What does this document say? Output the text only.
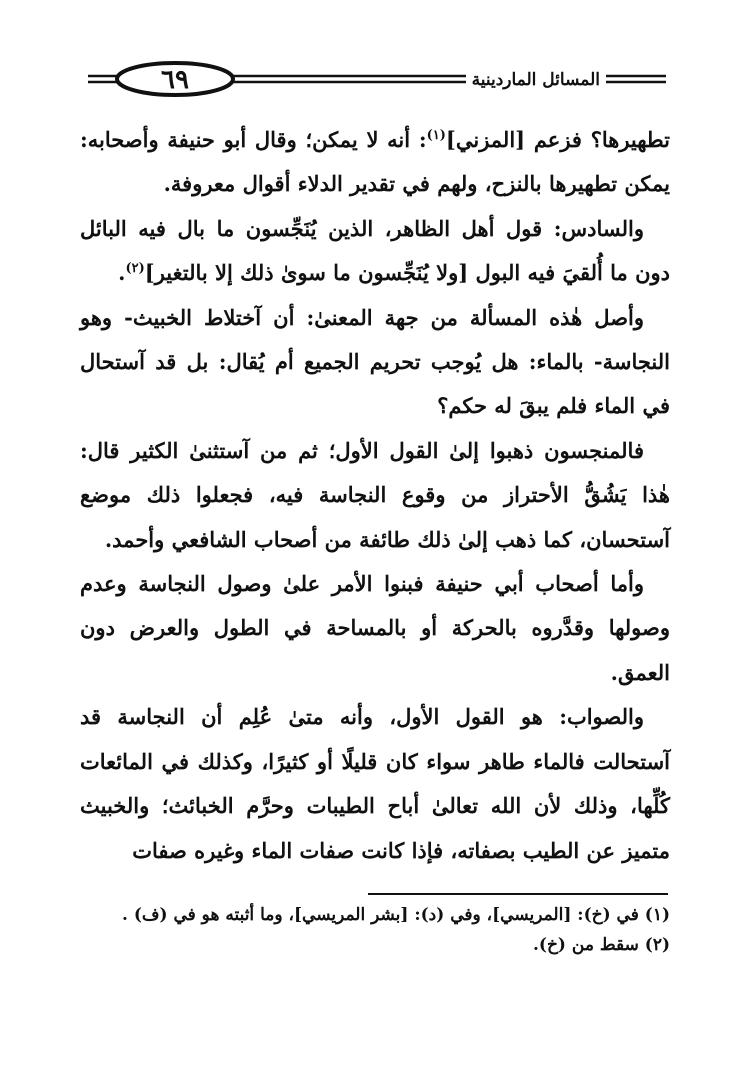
٦٩	المسائل الماردينية

تطهيرها؟ فزعم [المزني]$^{(١)}$: أنه لا يمكن؛ وقال أبو حنيفة وأصحابه: يمكن تطهيرها بالنزح، ولهم في تقدير الدلاء أقوال معروفة.

والسادس: قول أهل الظاهر، الذين يُنَجِّسون ما بال فيه البائل دون ما أُلقيَ فيه البول [ولا يُنَجِّسون ما سوىٰ ذلك إلا بالتغير]$^{(٢)}$.

وأصل هٰذه المسألة من جهة المعنىٰ: أن آختلاط الخبيث- وهو النجاسة- بالماء: هل يُوجب تحريم الجميع أم يُقال: بل قد آستحال في الماء فلم يبقَ له حكم؟

فالمنجسون ذهبوا إلىٰ القول الأول؛ ثم من آستثنىٰ الكثير قال: هٰذا يَشُقُّ الأحتراز من وقوع النجاسة فيه، فجعلوا ذلك موضع آستحسان، كما ذهب إلىٰ ذلك طائفة من أصحاب الشافعي وأحمد.

وأما أصحاب أبي حنيفة فبنوا الأمر علىٰ وصول النجاسة وعدم وصولها وقدَّروه بالحركة أو بالمساحة في الطول والعرض دون العمق.

والصواب: هو القول الأول، وأنه متىٰ عُلِم أن النجاسة قد آستحالت فالماء طاهر سواء كان قليلًا أو كثيرًا، وكذلك في المائعات كُلِّها، وذلك لأن الله تعالىٰ أباح الطيبات وحرَّم الخبائث؛ والخبيث متميز عن الطيب بصفاته، فإذا كانت صفات الماء وغيره صفات

(١) في (خ): [المريسي]، وفي (د): [بشر المريسي]، وما أثبته هو في (ف) .

(٢) سقط من (خ).
